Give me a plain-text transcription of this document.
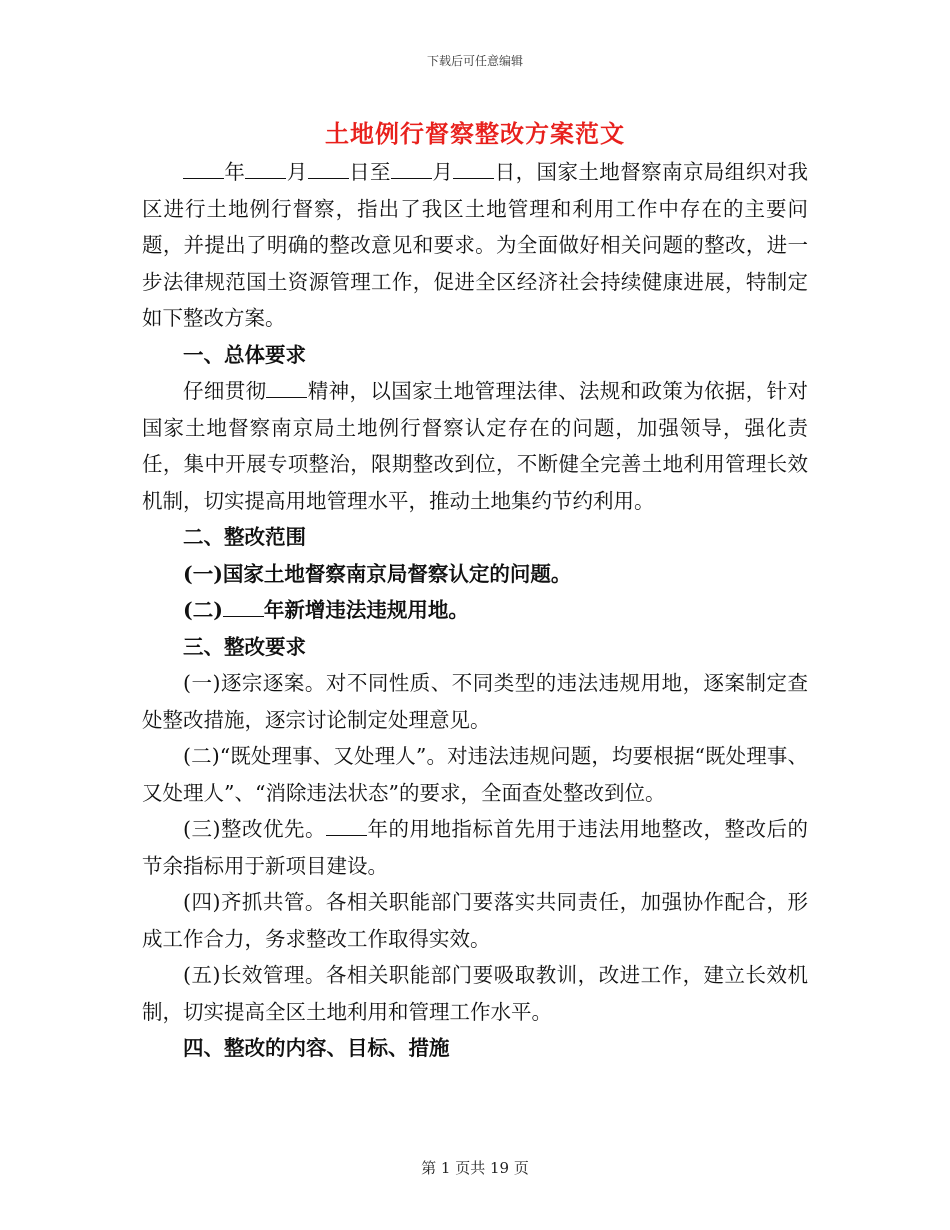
下载后可任意编辑
土地例行督察整改方案范文

年 月 日至 月 日，国家土地督察南京局组织对我区进行土地例行督察，指出了我区土地管理和利用工作中存在的主要问题，并提出了明确的整改意见和要求。为全面做好相关问题的整改，进一步法律规范国土资源管理工作，促进全区经济社会持续健康进展，特制定如下整改方案。

一、总体要求

仔细贯彻 精神，以国家土地管理法律、法规和政策为依据，针对国家土地督察南京局土地例行督察认定存在的问题，加强领导，强化责任，集中开展专项整治，限期整改到位，不断健全完善土地利用管理长效机制，切实提高用地管理水平，推动土地集约节约利用。

二、整改范围

(一)国家土地督察南京局督察认定的问题。

(二) 年新增违法违规用地。

三、整改要求

(一)逐宗逐案。对不同性质、不同类型的违法违规用地，逐案制定查处整改措施，逐宗讨论制定处理意见。

(二)“既处理事、又处理人”。对违法违规问题，均要根据“既处理事、又处理人”、“消除违法状态”的要求，全面查处整改到位。

(三)整改优先。 年的用地指标首先用于违法用地整改，整改后的节余指标用于新项目建设。

(四)齐抓共管。各相关职能部门要落实共同责任，加强协作配合，形成工作合力，务求整改工作取得实效。

(五)长效管理。各相关职能部门要吸取教训，改进工作，建立长效机制，切实提高全区土地利用和管理工作水平。

四、整改的内容、目标、措施

第 1 页共 19 页
